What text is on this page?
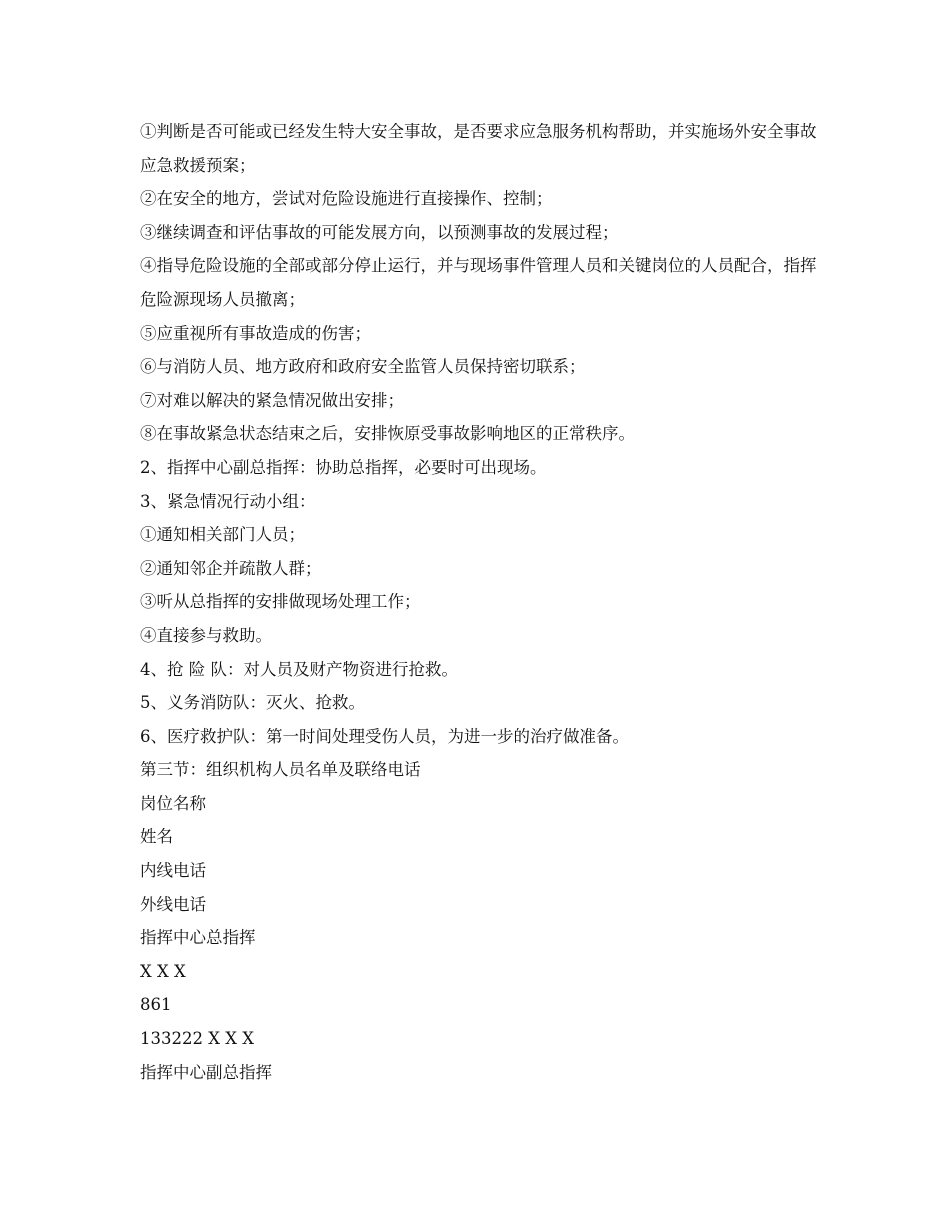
①判断是否可能或已经发生特大安全事故，是否要求应急服务机构帮助，并实施场外安全事故应急救援预案；
②在安全的地方，尝试对危险设施进行直接操作、控制；
③继续调查和评估事故的可能发展方向，以预测事故的发展过程；
④指导危险设施的全部或部分停止运行，并与现场事件管理人员和关键岗位的人员配合，指挥危险源现场人员撤离；
⑤应重视所有事故造成的伤害；
⑥与消防人员、地方政府和政府安全监管人员保持密切联系；
⑦对难以解决的紧急情况做出安排；
⑧在事故紧急状态结束之后，安排恢原受事故影响地区的正常秩序。
2、指挥中心副总指挥：协助总指挥，必要时可出现场。
3、紧急情况行动小组：
①通知相关部门人员；
②通知邻企并疏散人群；
③听从总指挥的安排做现场处理工作；
④直接参与救助。
4、抢 险 队：对人员及财产物资进行抢救。
5、义务消防队：灭火、抢救。
6、医疗救护队：第一时间处理受伤人员，为进一步的治疗做准备。
第三节：组织机构人员名单及联络电话
岗位名称
姓名
内线电话
外线电话
指挥中心总指挥
X X X
861
133222 X X X
指挥中心副总指挥
